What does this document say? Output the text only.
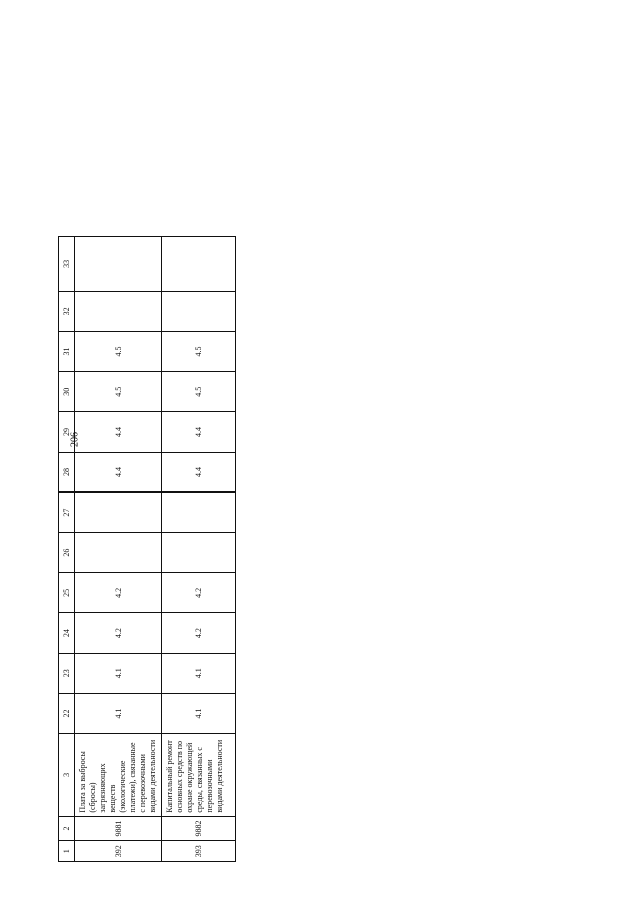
206
1	2	3	22	23	24	25	26	27	28	29	30	31	32	33
392	9881	Плата за выбросы (сбросы) загрязняющих веществ (экологические платежи), связанные с перевозочными видами деятельности	4.1	4.1	4.2	4.2			4.4	4.4	4.5	4.5		
393	9882	Капитальный ремонт основных средств по охране окружающей среды, связанных с перевозочными видами деятельности	4.1	4.1	4.2	4.2			4.4	4.4	4.5	4.5		
